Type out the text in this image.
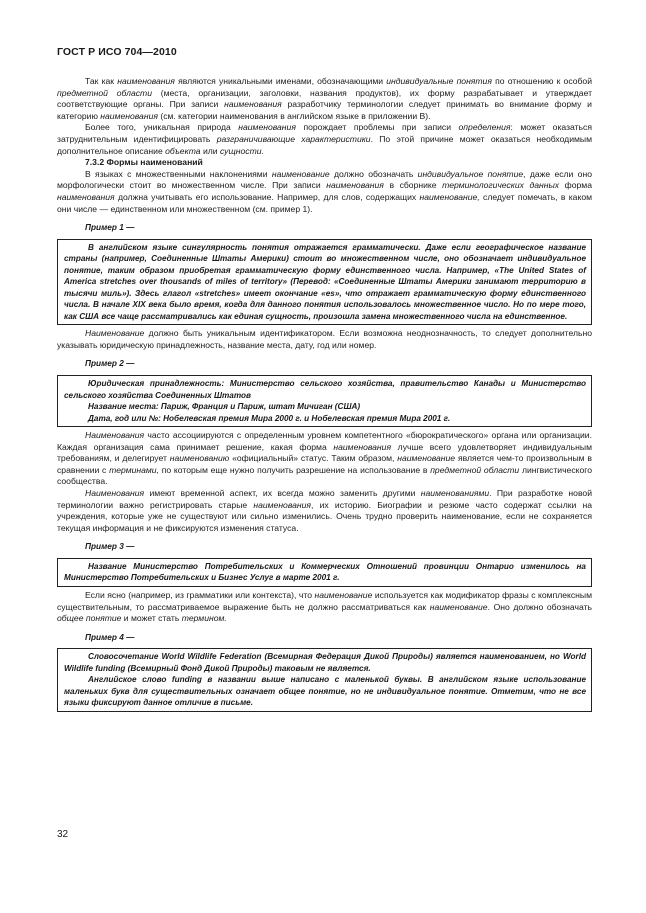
ГОСТ Р ИСО 704—2010

Так как наименования являются уникальными именами, обозначающими индивидуальные понятия по отношению к особой предметной области (места, организации, заголовки, названия продуктов), их форму разрабатывает и утверждает соответствующие органы. При записи наименования разработчику терминологии следует принимать во внимание форму и категорию наименования (см. категории наименования в английском языке в приложении В).

Более того, уникальная природа наименования порождает проблемы при записи определения: может оказаться затруднительным идентифицировать разграничивающие характеристики. По этой причине может оказаться необходимым дополнительное описание объекта или сущности.

7.3.2 Формы наименований

В языках с множественными наклонениями наименование должно обозначать индивидуальное понятие, даже если оно морфологически стоит во множественном числе. При записи наименования в сборнике терминологических данных форма наименования должна учитывать его использование. Например, для слов, содержащих наименование, следует помечать, в каком они числе — единственном или множественном (см. пример 1).

Пример 1 —

В английском языке сингулярность понятия отражается грамматически. Даже если географическое название страны (например, Соединенные Штаты Америки) стоит во множественном числе, оно обозначает индивидуальное понятие, таким образом приобретая грамматическую форму единственного числа. Например, «The United States of America stretches over thousands of miles of territory» (Перевод: «Соединенные Штаты Америки занимают территорию в тысячи миль»). Здесь глагол «stretches» имеет окончание «es», что отражает грамматическую форму единственного числа. В начале XIX века было время, когда для данного понятия использовалось множественное число. Но по мере того, как США все чаще рассматривались как единая сущность, произошла замена множественного числа на единственное.

Наименование должно быть уникальным идентификатором. Если возможна неоднозначность, то следует дополнительно указывать юридическую принадлежность, название места, дату, год или номер.

Пример 2 —

Юридическая принадлежность: Министерство сельского хозяйства, правительство Канады и Министерство сельского хозяйства Соединенных Штатов

Название места: Париж, Франция и Париж, штат Мичиган (США)

Дата, год или №: Нобелевская премия Мира 2000 г. и Нобелевская премия Мира 2001 г.

Наименования часто ассоциируются с определенным уровнем компетентного «бюрократического» органа или организации. Каждая организация сама принимает решение, какая форма наименования лучше всего удовлетворяет индивидуальным требованиям, и делегирует наименованию «официальный» статус. Таким образом, наименование является чем-то произвольным в сравнении с терминами, по которым еще нужно получить разрешение на использование в предметной области лингвистического сообщества.

Наименования имеют временной аспект, их всегда можно заменить другими наименованиями. При разработке новой терминологии важно регистрировать старые наименования, их историю. Биографии и резюме часто содержат ссылки на учреждения, которые уже не существуют или сильно изменились. Очень трудно проверить наименование, если не сохраняется текущая информация и не фиксируются изменения статуса.

Пример 3 —

Название Министерство Потребительских и Коммерческих Отношений провинции Онтарио изменилось на Министерство Потребительских и Бизнес Услуг в марте 2001 г.

Если ясно (например, из грамматики или контекста), что наименование используется как модификатор фразы с комплексным существительным, то рассматриваемое выражение быть не должно рассматриваться как наименование. Оно должно обозначать общее понятие и может стать термином.

Пример 4 —

Словосочетание World Wildlife Federation (Всемирная Федерация Дикой Природы) является наименованием, но World Wildlife funding (Всемирный Фонд Дикой Природы) таковым не является.

Английское слово funding в названии выше написано с маленькой буквы. В английском языке использование маленьких букв для существительных означает общее понятие, но не индивидуальное понятие. Отметим, что не все языки фиксируют данное отличие в письме.

32
